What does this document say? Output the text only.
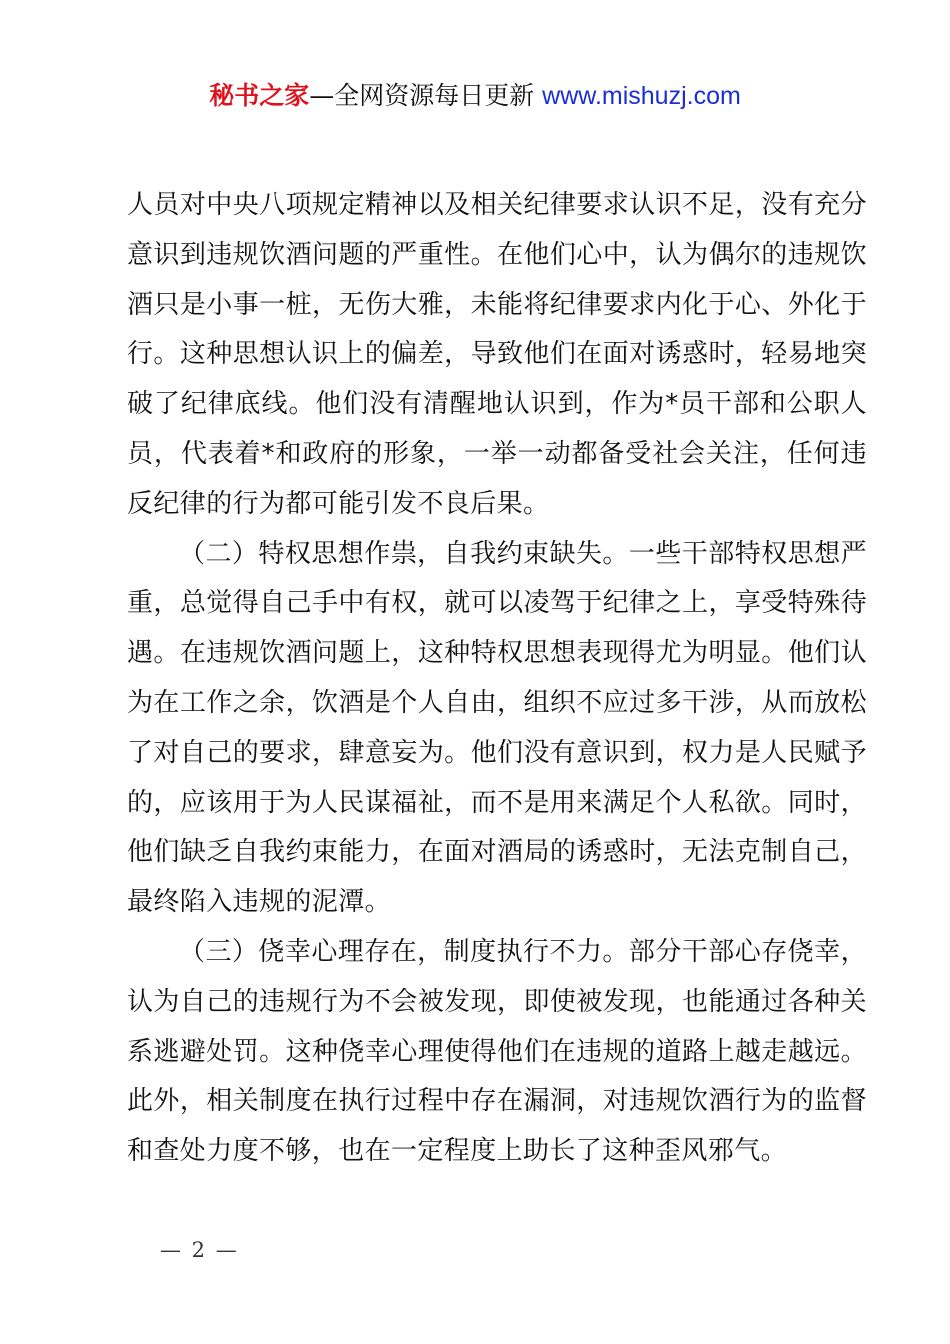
秘书之家—全网资源每日更新 www.mishuzj.com

人员对中央八项规定精神以及相关纪律要求认识不足，没有充分意识到违规饮酒问题的严重性。在他们心中，认为偶尔的违规饮酒只是小事一桩，无伤大雅，未能将纪律要求内化于心、外化于行。这种思想认识上的偏差，导致他们在面对诱惑时，轻易地突破了纪律底线。他们没有清醒地认识到，作为*员干部和公职人员，代表着*和政府的形象，一举一动都备受社会关注，任何违反纪律的行为都可能引发不良后果。

（二）特权思想作祟，自我约束缺失。一些干部特权思想严重，总觉得自己手中有权，就可以凌驾于纪律之上，享受特殊待遇。在违规饮酒问题上，这种特权思想表现得尤为明显。他们认为在工作之余，饮酒是个人自由，组织不应过多干涉，从而放松了对自己的要求，肆意妄为。他们没有意识到，权力是人民赋予的，应该用于为人民谋福祉，而不是用来满足个人私欲。同时，他们缺乏自我约束能力，在面对酒局的诱惑时，无法克制自己，最终陷入违规的泥潭。

（三）侥幸心理存在，制度执行不力。部分干部心存侥幸，认为自己的违规行为不会被发现，即使被发现，也能通过各种关系逃避处罚。这种侥幸心理使得他们在违规的道路上越走越远。此外，相关制度在执行过程中存在漏洞，对违规饮酒行为的监督和查处力度不够，也在一定程度上助长了这种歪风邪气。

— 2 —
